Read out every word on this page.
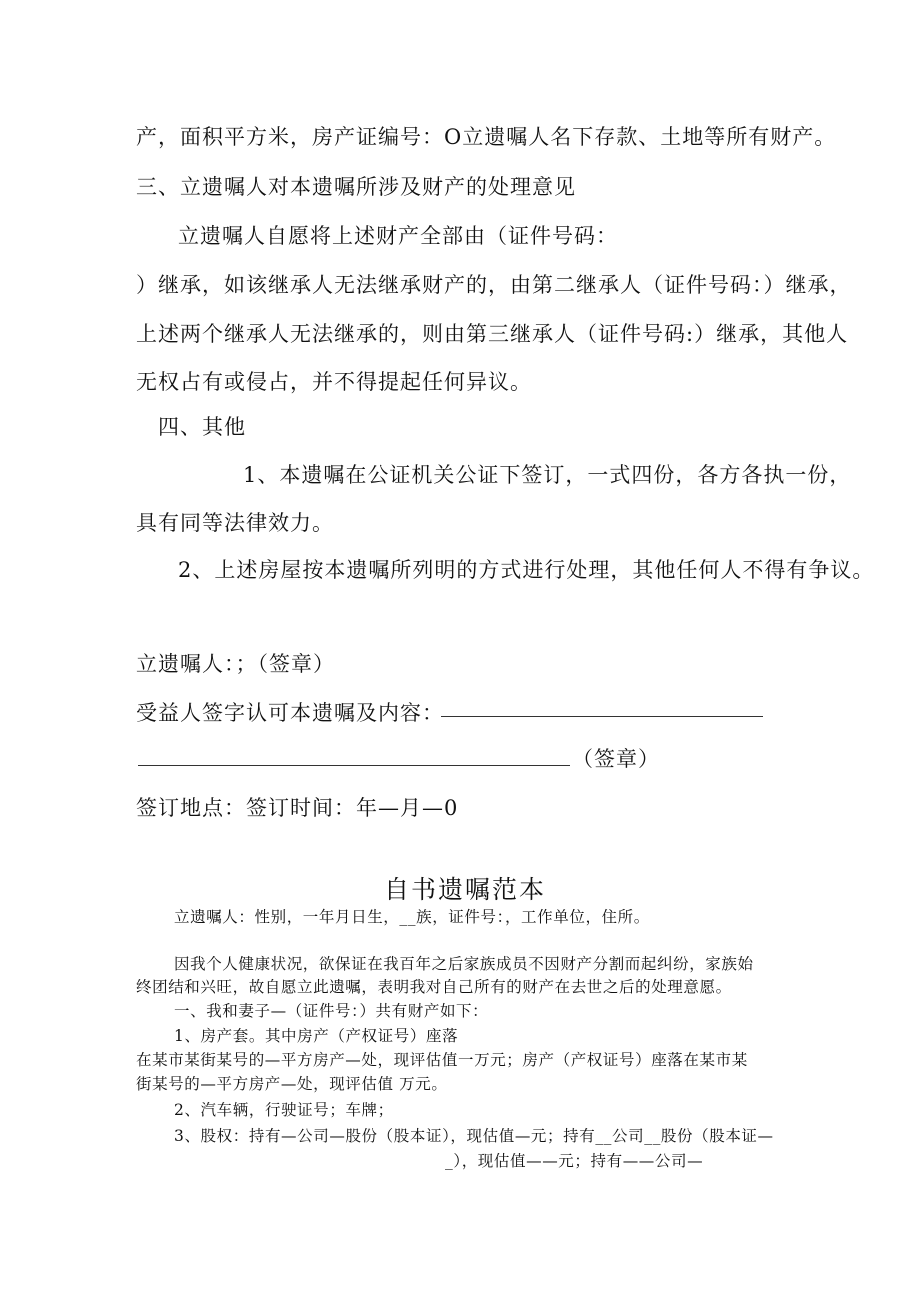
产，面积平方米，房产证编号：O立遗嘱人名下存款、土地等所有财产。
三、立遗嘱人对本遗嘱所涉及财产的处理意见
立遗嘱人自愿将上述财产全部由（证件号码：
）继承，如该继承人无法继承财产的，由第二继承人（证件号码：）继承，
上述两个继承人无法继承的，则由第三继承人（证件号码:）继承，其他人
无权占有或侵占，并不得提起任何异议。
四、其他
1、本遗嘱在公证机关公证下签订，一式四份，各方各执一份，
具有同等法律效力。
2、上述房屋按本遗嘱所列明的方式进行处理，其他任何人不得有争议。
立遗嘱人：；（签章）
受益人签字认可本遗嘱及内容：
（签章）
签订地点：签订时间：年—月—0
自书遗嘱范本
立遗嘱人：性别，一年月日生，__族，证件号：，工作单位，住所。
因我个人健康状况，欲保证在我百年之后家族成员不因财产分割而起纠纷，家族始
终团结和兴旺，故自愿立此遗嘱，表明我对自己所有的财产在去世之后的处理意愿。
一、我和妻子—（证件号：）共有财产如下：
1、房产套。其中房产（产权证号）座落
在某市某街某号的—平方房产—处，现评估值一万元；房产（产权证号）座落在某市某
街某号的—平方房产—处，现评估值 万元。
2、汽车辆，行驶证号；车牌；
3、股权：持有—公司—股份（股本证），现估值—元；持有__公司__股份（股本证—
_），现估值——元；持有——公司—
